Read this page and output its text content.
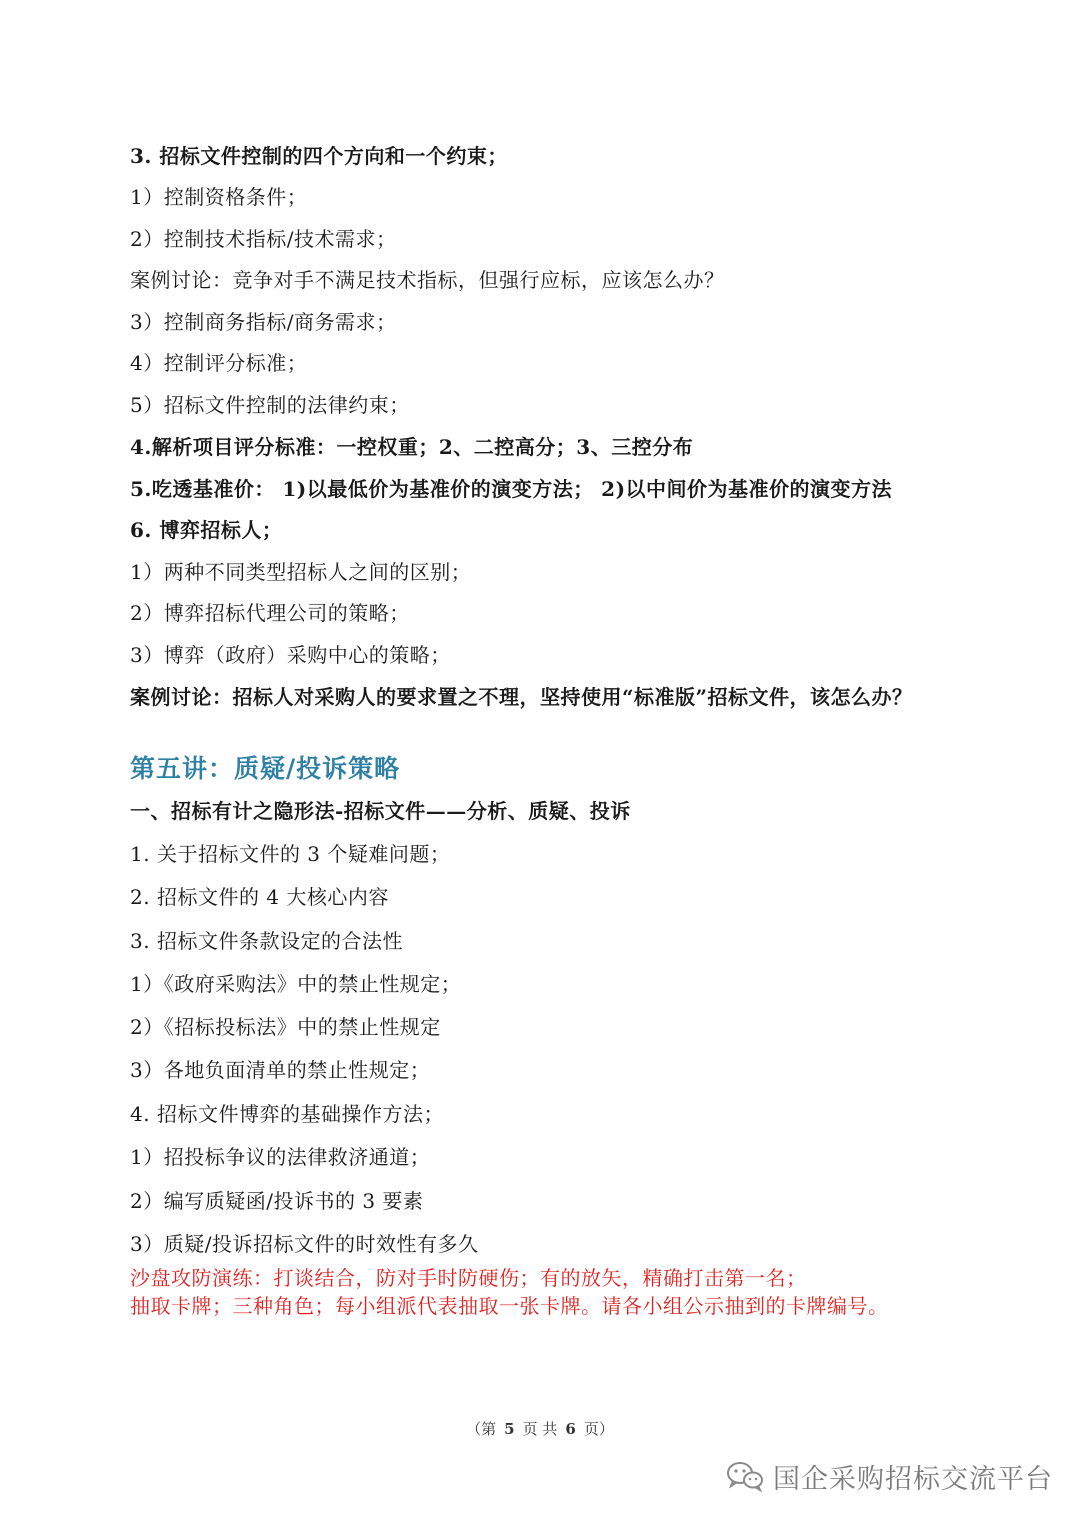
3. 招标文件控制的四个方向和一个约束；

1）控制资格条件；

2）控制技术指标/技术需求；

案例讨论：竞争对手不满足技术指标，但强行应标，应该怎么办？

3）控制商务指标/商务需求；

4）控制评分标准；

5）招标文件控制的法律约束；

4.解析项目评分标准：一控权重；2、二控高分；3、三控分布

5.吃透基准价： 1)以最低价为基准价的演变方法； 2)以中间价为基准价的演变方法

6. 博弈招标人；

1）两种不同类型招标人之间的区别；

2）博弈招标代理公司的策略；

3）博弈（政府）采购中心的策略；

案例讨论：招标人对采购人的要求置之不理，坚持使用“标准版”招标文件，该怎么办？

第五讲：质疑/投诉策略

一、招标有计之隐形法-招标文件——分析、质疑、投诉

1. 关于招标文件的 3 个疑难问题；

2. 招标文件的 4 大核心内容

3. 招标文件条款设定的合法性

1）《政府采购法》中的禁止性规定；

2）《招标投标法》中的禁止性规定

3）各地负面清单的禁止性规定；

4. 招标文件博弈的基础操作方法；

1）招投标争议的法律救济通道；

2）编写质疑函/投诉书的 3 要素

3）质疑/投诉招标文件的时效性有多久

沙盘攻防演练：打谈结合，防对手时防硬伤；有的放矢，精确打击第一名；

抽取卡牌；三种角色；每小组派代表抽取一张卡牌。请各小组公示抽到的卡牌编号。

（第 5 页 共 6 页）
国企采购招标交流平台
